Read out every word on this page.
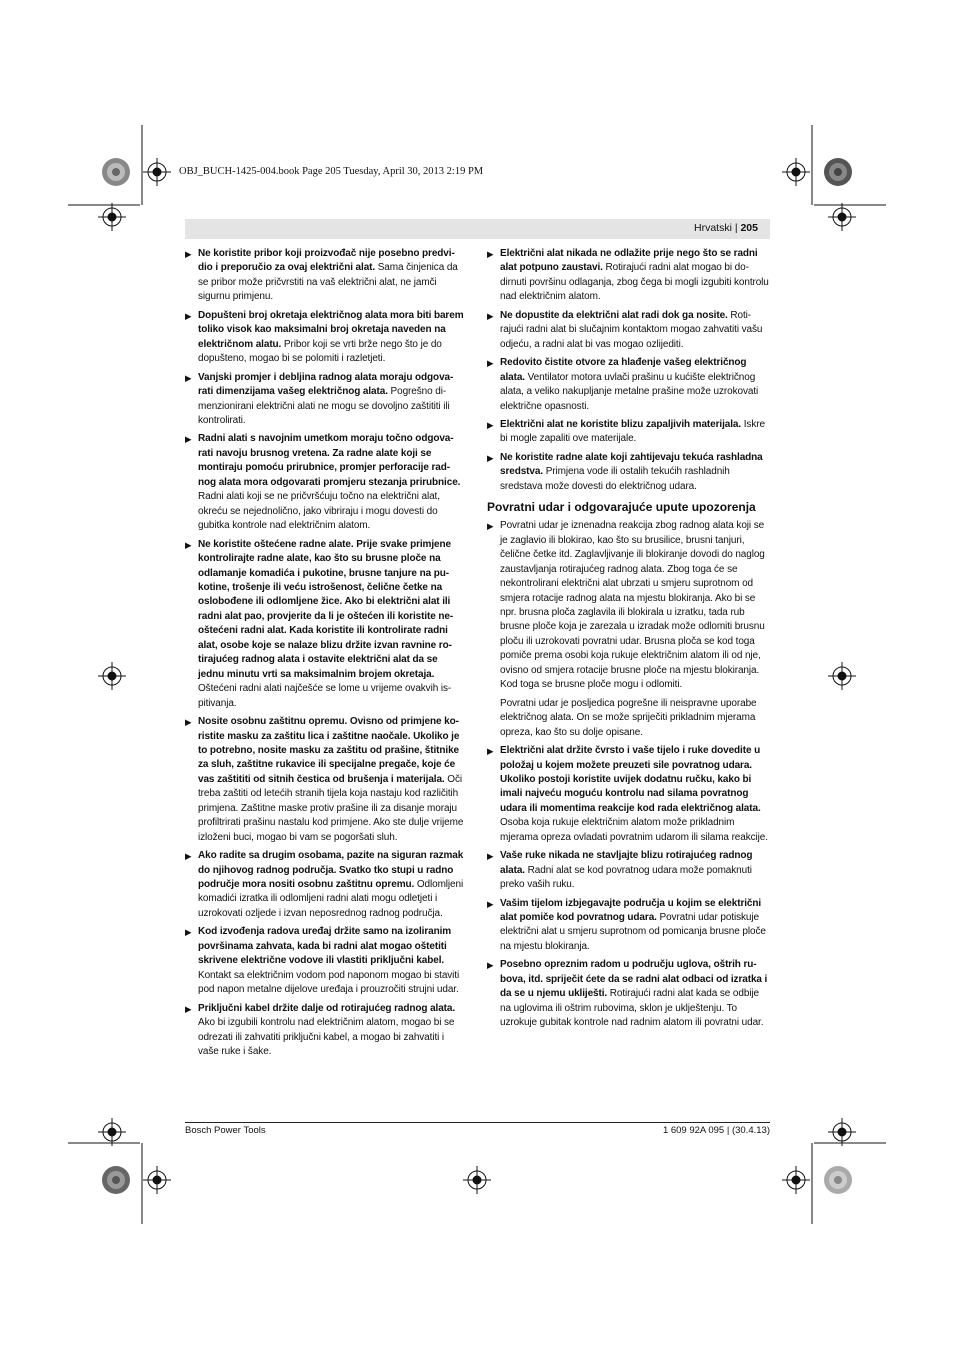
OBJ_BUCH-1425-004.book Page 205 Tuesday, April 30, 2013 2:19 PM
Hrvatski | 205
▶ Ne koristite pribor koji proizvođač nije posebno predvidio i preporučio za ovaj električni alat. Sama činjenica da se pribor može pričvrstiti na vaš električni alat, ne jamči sigurnu primjenu.
▶ Dopušteni broj okretaja električnog alata mora biti barem toliko visok kao maksimalni broj okretaja naveden na električnom alatu. Pribor koji se vrti brže nego što je do dopušteno, mogao bi se polomiti i razletjeti.
▶ Vanjski promjer i debljina radnog alata moraju odgovarati dimenzijama vašeg električnog alata. Pogrešno dimenzionirani električni alati ne mogu se dovoljno zaštititi ili kontrolirati.
▶ Radni alati s navojnim umetkom moraju točno odgovarati navoju brusnog vretena. Za radne alate koji se montiraju pomoću prirubnice, promjer perforacije radnog alata mora odgovarati promjeru stezanja prirubnice. Radni alati koji se ne pričvršćuju točno na električni alat, okreću se nejednolično, jako vibriraju i mogu dovesti do gubitka kontrole nad električnim alatom.
▶ Ne koristite oštećene radne alate. Prije svake primjene kontrolirajte radne alate, kao što su brusne ploče na odlamanje komadića i pukotine, brusne tanjure na pukotine, trošenje ili veću istrošenost, čelične četke na oslobođene ili odlomljene žice. Ako bi električni alat ili radni alat pao, provjerite da li je oštećen ili koristite neoštećeni radni alat. Kada koristite ili kontrolirate radni alat, osobe koje se nalaze blizu držite izvan ravnine rotirajućeg radnog alata i ostavite električni alat da se jednu minutu vrti sa maksimalnim brojem okretaja. Oštećeni radni alati najčešće se lome u vrijeme ovakvih ispitivanja.
▶ Nosite osobnu zaštitnu opremu. Ovisno od primjene koristite masku za zaštitu lica i zaštitne naočale. Ukoliko je to potrebno, nosite masku za zaštitu od prašine, štitnike za sluh, zaštitne rukavice ili specijalne pregače, koje će vas zaštititi od sitnih čestica od brušenja i materijala. Oči treba zaštiti od letećih stranih tijela koja nastaju kod različitih primjena. Zaštitne maske protiv prašine ili za disanje moraju profiltrirati prašinu nastalu kod primjene. Ako ste dulje vrijeme izloženi buci, mogao bi vam se pogoršati sluh.
▶ Ako radite sa drugim osobama, pazite na siguran razmak do njihovog radnog područja. Svatko tko stupi u radno područje mora nositi osobnu zaštitnu opremu. Odlomljeni komadići izratka ili odlomljeni radni alati mogu odletjeti i uzrokovati ozljede i izvan neposrednog radnog područja.
▶ Kod izvođenja radova uređaj držite samo na izoliranim površinama zahvata, kada bi radni alat mogao oštetiti skrivene električne vodove ili vlastiti priključni kabel. Kontakt sa električnim vodom pod naponom mogao bi staviti pod napon metalne dijelove uređaja i prouzročiti strujni udar.
▶ Priključni kabel držite dalje od rotirajućeg radnog alata. Ako bi izgubili kontrolu nad električnim alatom, mogao bi se odrezati ili zahvatiti priključni kabel, a mogao bi zahvatiti i vaše ruke i šake.
▶ Električni alat nikada ne odlažite prije nego što se radni alat potpuno zaustavi. Rotirajući radni alat mogao bi dodirnuti površinu odlaganja, zbog čega bi mogli izgubiti kontrolu nad električnim alatom.
▶ Ne dopustite da električni alat radi dok ga nosite. Rotirajući radni alat bi slučajnim kontaktom mogao zahvatiti vašu odjeću, a radni alat bi vas mogao ozlijediti.
▶ Redovito čistite otvore za hlađenje vašeg električnog alata. Ventilator motora uvlači prašinu u kućište električnog alata, a veliko nakupljanje metalne prašine može uzrokovati električne opasnosti.
▶ Električni alat ne koristite blizu zapaljivih materijala. Iskre bi mogle zapaliti ove materijale.
▶ Ne koristite radne alate koji zahtijevaju tekuća rashladna sredstva. Primjena vode ili ostalih tekućih rashladnih sredstava može dovesti do električnog udara.
Povratni udar i odgovarajuće upute upozorenja
▶ Povratni udar je iznenadna reakcija zbog radnog alata koji se je zaglavio ili blokirao, kao što su brusilice, brusni tanjuri, čelične četke itd. Zaglavljivanje ili blokiranje dovodi do naglog zaustavljanja rotirajućeg radnog alata. Zbog toga će se nekontrolirani električni alat ubrzati u smjeru suprotnom od smjera rotacije radnog alata na mjestu blokiranja. Ako bi se npr. brusna ploča zaglavila ili blokirala u izratku, tada rub brusne ploče koja je zarezala u izradak može odlomiti brusnu ploču ili uzrokovati povratni udar. Brusna ploča se kod toga pomiče prema osobi koja rukuje električnim alatom ili od nje, ovisno od smjera rotacije brusne ploče na mjestu blokiranja. Kod toga se brusne ploče mogu i odlomiti.
Povratni udar je posljedica pogrešne ili neispravne uporabe električnog alata. On se može spriječiti prikladnim mjerama opreza, kao što su dolje opisane.
▶ Električni alat držite čvrsto i vaše tijelo i ruke dovedite u položaj u kojem možete preuzeti sile povratnog udara. Ukoliko postoji koristite uvijek dodatnu ručku, kako bi imali najveću moguću kontrolu nad silama povratnog udara ili momentima reakcije kod rada električnog alata. Osoba koja rukuje električnim alatom može prikladnim mjerama opreza ovladati povratnim udarom ili silama reakcije.
▶ Vaše ruke nikada ne stavljajte blizu rotirajućeg radnog alata. Radni alat se kod povratnog udara može pomaknuti preko vaših ruku.
▶ Vašim tijelom izbjegavajte područja u kojim se električni alat pomiče kod povratnog udara. Povratni udar potiskuje električni alat u smjeru suprotnom od pomicanja brusne ploče na mjestu blokiranja.
▶ Posebno opreznim radom u području uglova, oštrih rubova, itd. spriječit ćete da se radni alat odbaci od izratka i da se u njemu ukliješti. Rotirajući radni alat kada se odbije na uglovima ili oštrim rubovima, sklon je uklještenju. To uzrokuje gubitak kontrole nad radnim alatom ili povratni udar.
Bosch Power Tools	1 609 92A 095 | (30.4.13)
